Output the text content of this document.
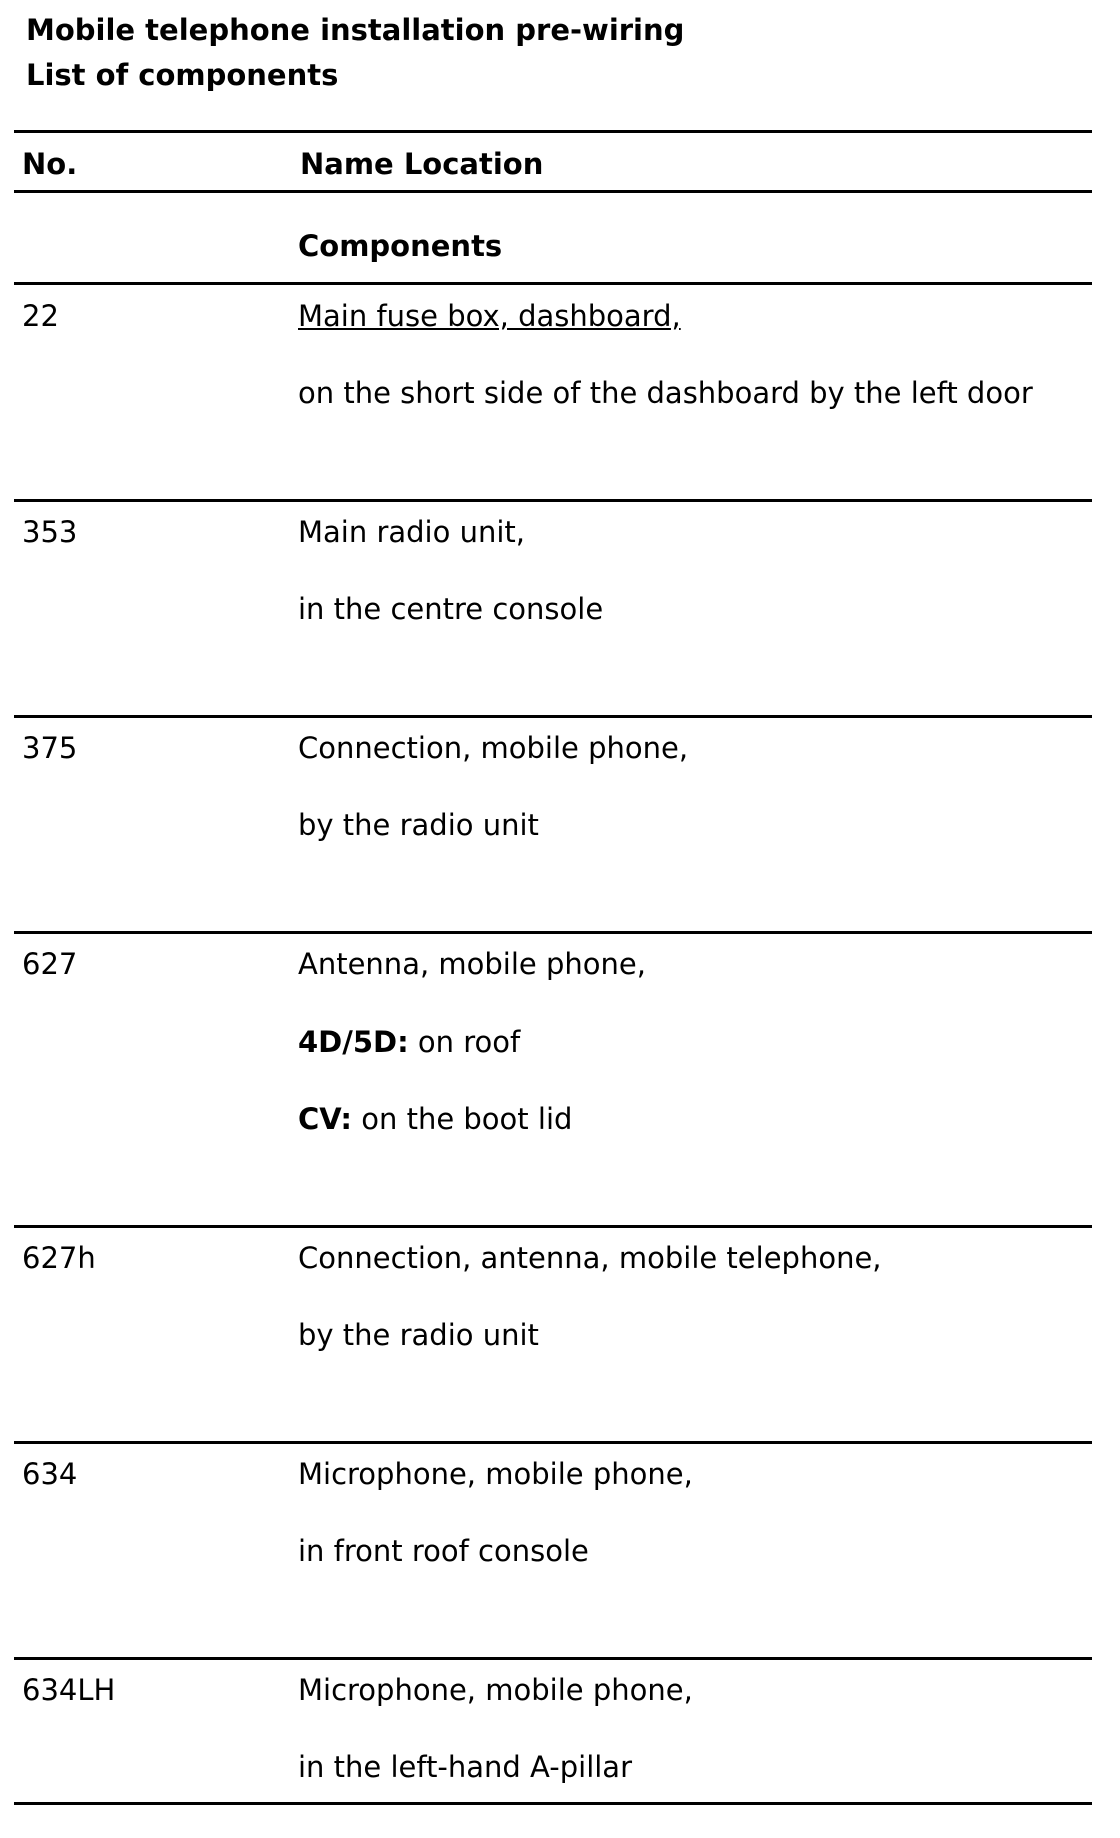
Mobile telephone installation pre-wiring
List of components
No.	Name Location
Components
22	Main fuse box, dashboard,
on the short side of the dashboard by the left door
353	Main radio unit,
in the centre console
375	Connection, mobile phone,
by the radio unit
627	Antenna, mobile phone,
4D/5D: on roof
CV: on the boot lid
627h	Connection, antenna, mobile telephone,
by the radio unit
634	Microphone, mobile phone,
in front roof console
634LH	Microphone, mobile phone,
in the left-hand A-pillar
